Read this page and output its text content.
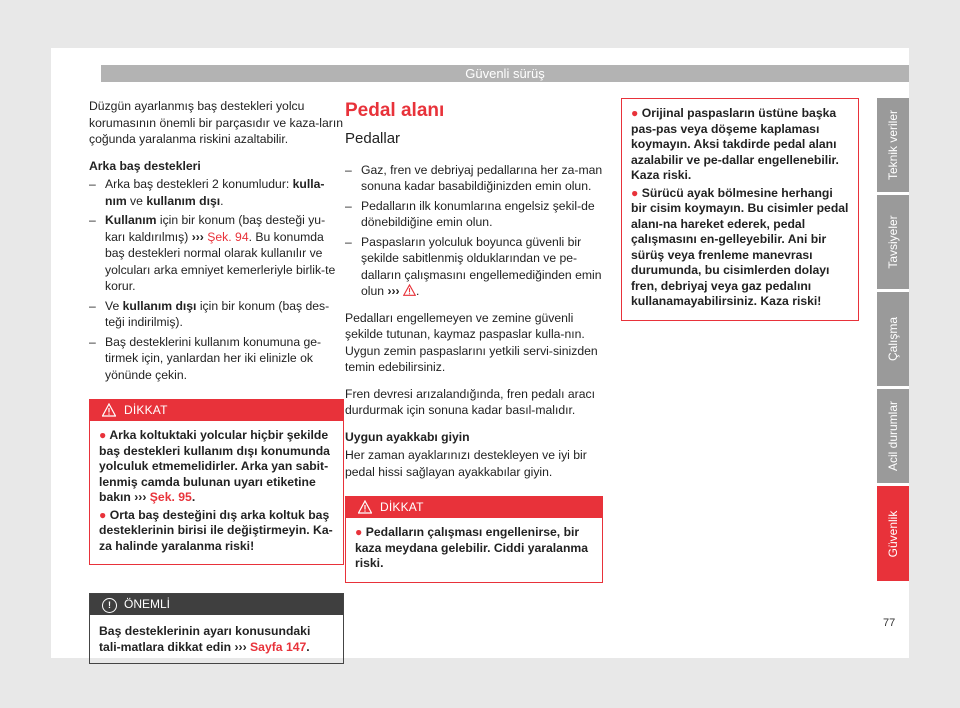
Güvenli sürüş

Düzgün ayarlanmış baş destekleri yolcu korumasının önemli bir parçasıdır ve kaza-ların çoğunda yaralanma riskini azaltabilir.

Arka baş destekleri
– Arka baş destekleri 2 konumludur: kulla-nım ve kullanım dışı.
– Kullanım için bir konum (baş desteği yu-karı kaldırılmış) ››› Şek. 94. Bu konumda baş destekleri normal olarak kullanılır ve yolcuları arka emniyet kemerleriyle birlik-te korur.
– Ve kullanım dışı için bir konum (baş des-teği indirilmiş).
– Baş desteklerini kullanım konumuna ge-tirmek için, yanlardan her iki elinizle ok yönünde çekin.
DİKKAT
● Arka koltuktaki yolcular hiçbir şekilde baş destekleri kullanım dışı konumunda yolculuk etmemelidirler. Arka yan sabit-lenmiş camda bulunan uyarı etiketine bakın ››› Şek. 95.
● Orta baş desteğini dış arka koltuk baş desteklerinin birisi ile değiştirmeyin. Ka-za halinde yaralanma riski!
!	ÖNEMLİ
Baş desteklerinin ayarı konusundaki tali-matlara dikkat edin ››› Sayfa 147.
Pedal alanı
Pedallar
– Gaz, fren ve debriyaj pedallarına her za-man sonuna kadar basabildiğinizden emin olun.
– Pedalların ilk konumlarına engelsiz şekil-de dönebildiğine emin olun.
– Paspasların yolculuk boyunca güvenli bir şekilde sabitlenmiş olduklarından ve pe-dalların çalışmasını engellemediğinden emin olun ››› .

Pedalları engellemeyen ve zemine güvenli şekilde tutunan, kaymaz paspaslar kulla-nın. Uygun zemin paspaslarını yetkili servi-sinizden temin edebilirsiniz.

Fren devresi arızalandığında, fren pedalı aracı durdurmak için sonuna kadar basıl-malıdır.

Uygun ayakkabı giyin

Her zaman ayaklarınızı destekleyen ve iyi bir pedal hissi sağlayan ayakkabılar giyin.

DİKKAT
● Pedalların çalışması engellenirse, bir kaza meydana gelebilir. Ciddi yaralanma riski.
● Orijinal paspasların üstüne başka pas-pas veya döşeme kaplaması koymayın. Aksi takdirde pedal alanı azalabilir ve pe-dallar engellenebilir. Kaza riski.
● Sürücü ayak bölmesine herhangi bir cisim koymayın. Bu cisimler pedal alanı-na hareket ederek, pedal çalışmasını en-gelleyebilir. Ani bir sürüş veya frenleme manevrası durumunda, bu cisimlerden dolayı fren, debriyaj veya gaz pedalını kullanamayabilirsiniz. Kaza riski!
Teknik veriler
Tavsiyeler
Çalışma
Acil durumlar
Güvenlik
77
